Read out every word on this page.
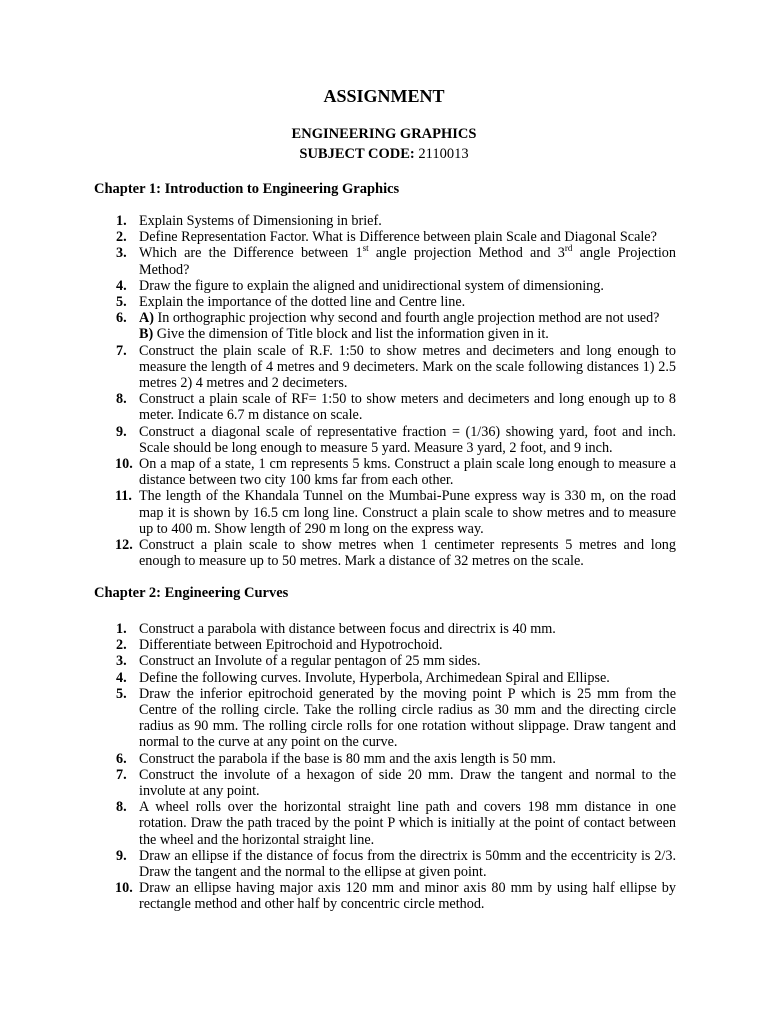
ASSIGNMENT
ENGINEERING GRAPHICS
SUBJECT CODE: 2110013
Chapter 1: Introduction to Engineering Graphics
1. Explain Systems of Dimensioning in brief.
2. Define Representation Factor. What is Difference between plain Scale and Diagonal Scale?
3. Which are the Difference between 1st angle projection Method and 3rd angle Projection Method?
4. Draw the figure to explain the aligned and unidirectional system of dimensioning.
5. Explain the importance of the dotted line and Centre line.
6. A) In orthographic projection why second and fourth angle projection method are not used?
B) Give the dimension of Title block and list the information given in it.
7. Construct the plain scale of R.F. 1:50 to show metres and decimeters and long enough to measure the length of 4 metres and 9 decimeters. Mark on the scale following distances 1) 2.5 metres 2) 4 metres and 2 decimeters.
8. Construct a plain scale of RF= 1:50 to show meters and decimeters and long enough up to 8 meter. Indicate 6.7 m distance on scale.
9. Construct a diagonal scale of representative fraction = (1/36) showing yard, foot and inch. Scale should be long enough to measure 5 yard. Measure 3 yard, 2 foot, and 9 inch.
10. On a map of a state, 1 cm represents 5 kms. Construct a plain scale long enough to measure a distance between two city 100 kms far from each other.
11. The length of the Khandala Tunnel on the Mumbai-Pune express way is 330 m, on the road map it is shown by 16.5 cm long line. Construct a plain scale to show metres and to measure up to 400 m. Show length of 290 m long on the express way.
12. Construct a plain scale to show metres when 1 centimeter represents 5 metres and long enough to measure up to 50 metres. Mark a distance of 32 metres on the scale.
Chapter 2: Engineering Curves
1. Construct a parabola with distance between focus and directrix is 40 mm.
2. Differentiate between Epitrochoid and Hypotrochoid.
3. Construct an Involute of a regular pentagon of 25 mm sides.
4. Define the following curves. Involute, Hyperbola, Archimedean Spiral and Ellipse.
5. Draw the inferior epitrochoid generated by the moving point P which is 25 mm from the Centre of the rolling circle. Take the rolling circle radius as 30 mm and the directing circle radius as 90 mm. The rolling circle rolls for one rotation without slippage. Draw tangent and normal to the curve at any point on the curve.
6. Construct the parabola if the base is 80 mm and the axis length is 50 mm.
7. Construct the involute of a hexagon of side 20 mm. Draw the tangent and normal to the involute at any point.
8. A wheel rolls over the horizontal straight line path and covers 198 mm distance in one rotation. Draw the path traced by the point P which is initially at the point of contact between the wheel and the horizontal straight line.
9. Draw an ellipse if the distance of focus from the directrix is 50mm and the eccentricity is 2/3. Draw the tangent and the normal to the ellipse at given point.
10. Draw an ellipse having major axis 120 mm and minor axis 80 mm by using half ellipse by rectangle method and other half by concentric circle method.
